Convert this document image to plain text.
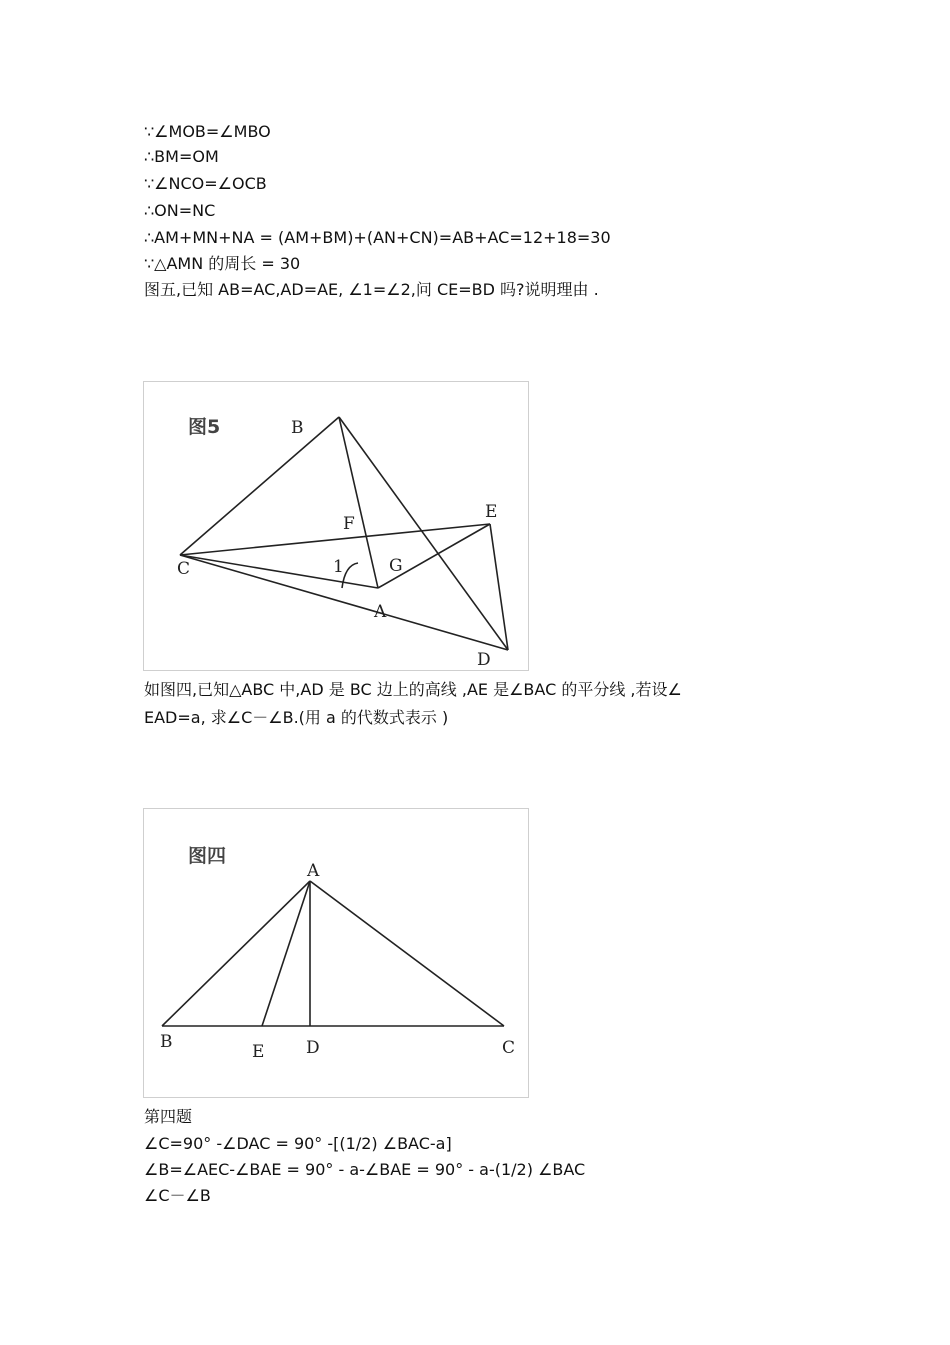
∵∠MOB=∠MBO
∴BM=OM
∵∠NCO=∠OCB
∴ON=NC
∴AM+MN+NA = (AM+BM)+(AN+CN)=AB+AC=12+18=30
∵△AMN 的周长 = 30
图五,已知 AB=AC,AD=AE, ∠1=∠2,问 CE=BD 吗?说明理由 .
图5	B
F
E
C	1	G
A
D
如图四,已知△ABC 中,AD 是 BC 边上的高线 ,AE 是∠BAC 的平分线 ,若设∠
EAD=a, 求∠C－∠B.(用 a 的代数式表示 )
图四
A
B	E D	C
第四题
∠C=90° -∠DAC = 90° -[(1/2) ∠BAC-a]
∠B=∠AEC-∠BAE = 90° - a-∠BAE = 90° - a-(1/2) ∠BAC
∠C－∠B
